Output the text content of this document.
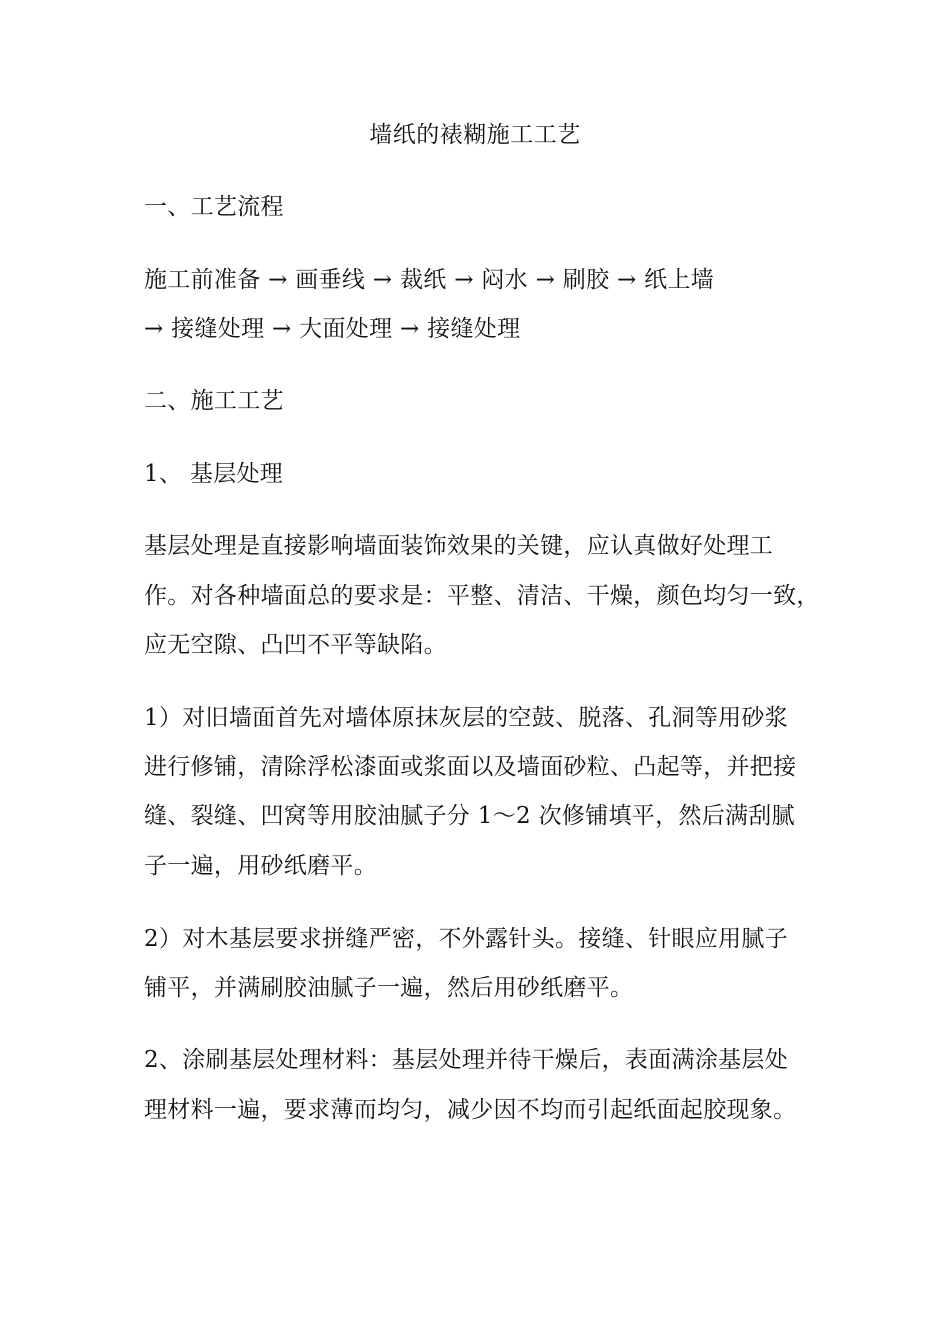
墙纸的裱糊施工工艺
一、工艺流程
施工前准备 → 画垂线 → 裁纸 → 闷水 → 刷胶 → 纸上墙
→ 接缝处理 → 大面处理 → 接缝处理
二、施工工艺
1、 基层处理
基层处理是直接影响墙面装饰效果的关键，应认真做好处理工
作。对各种墙面总的要求是：平整、清洁、干燥，颜色均匀一致，
应无空隙、凸凹不平等缺陷。
1）对旧墙面首先对墙体原抹灰层的空鼓、脱落、孔洞等用砂浆
进行修铺，清除浮松漆面或浆面以及墙面砂粒、凸起等，并把接
缝、裂缝、凹窝等用胶油腻子分 1～2 次修铺填平，然后满刮腻
子一遍，用砂纸磨平。
2）对木基层要求拼缝严密，不外露针头。接缝、针眼应用腻子
铺平，并满刷胶油腻子一遍，然后用砂纸磨平。
2、涂刷基层处理材料：基层处理并待干燥后，表面满涂基层处
理材料一遍，要求薄而均匀，减少因不均而引起纸面起胶现象。
